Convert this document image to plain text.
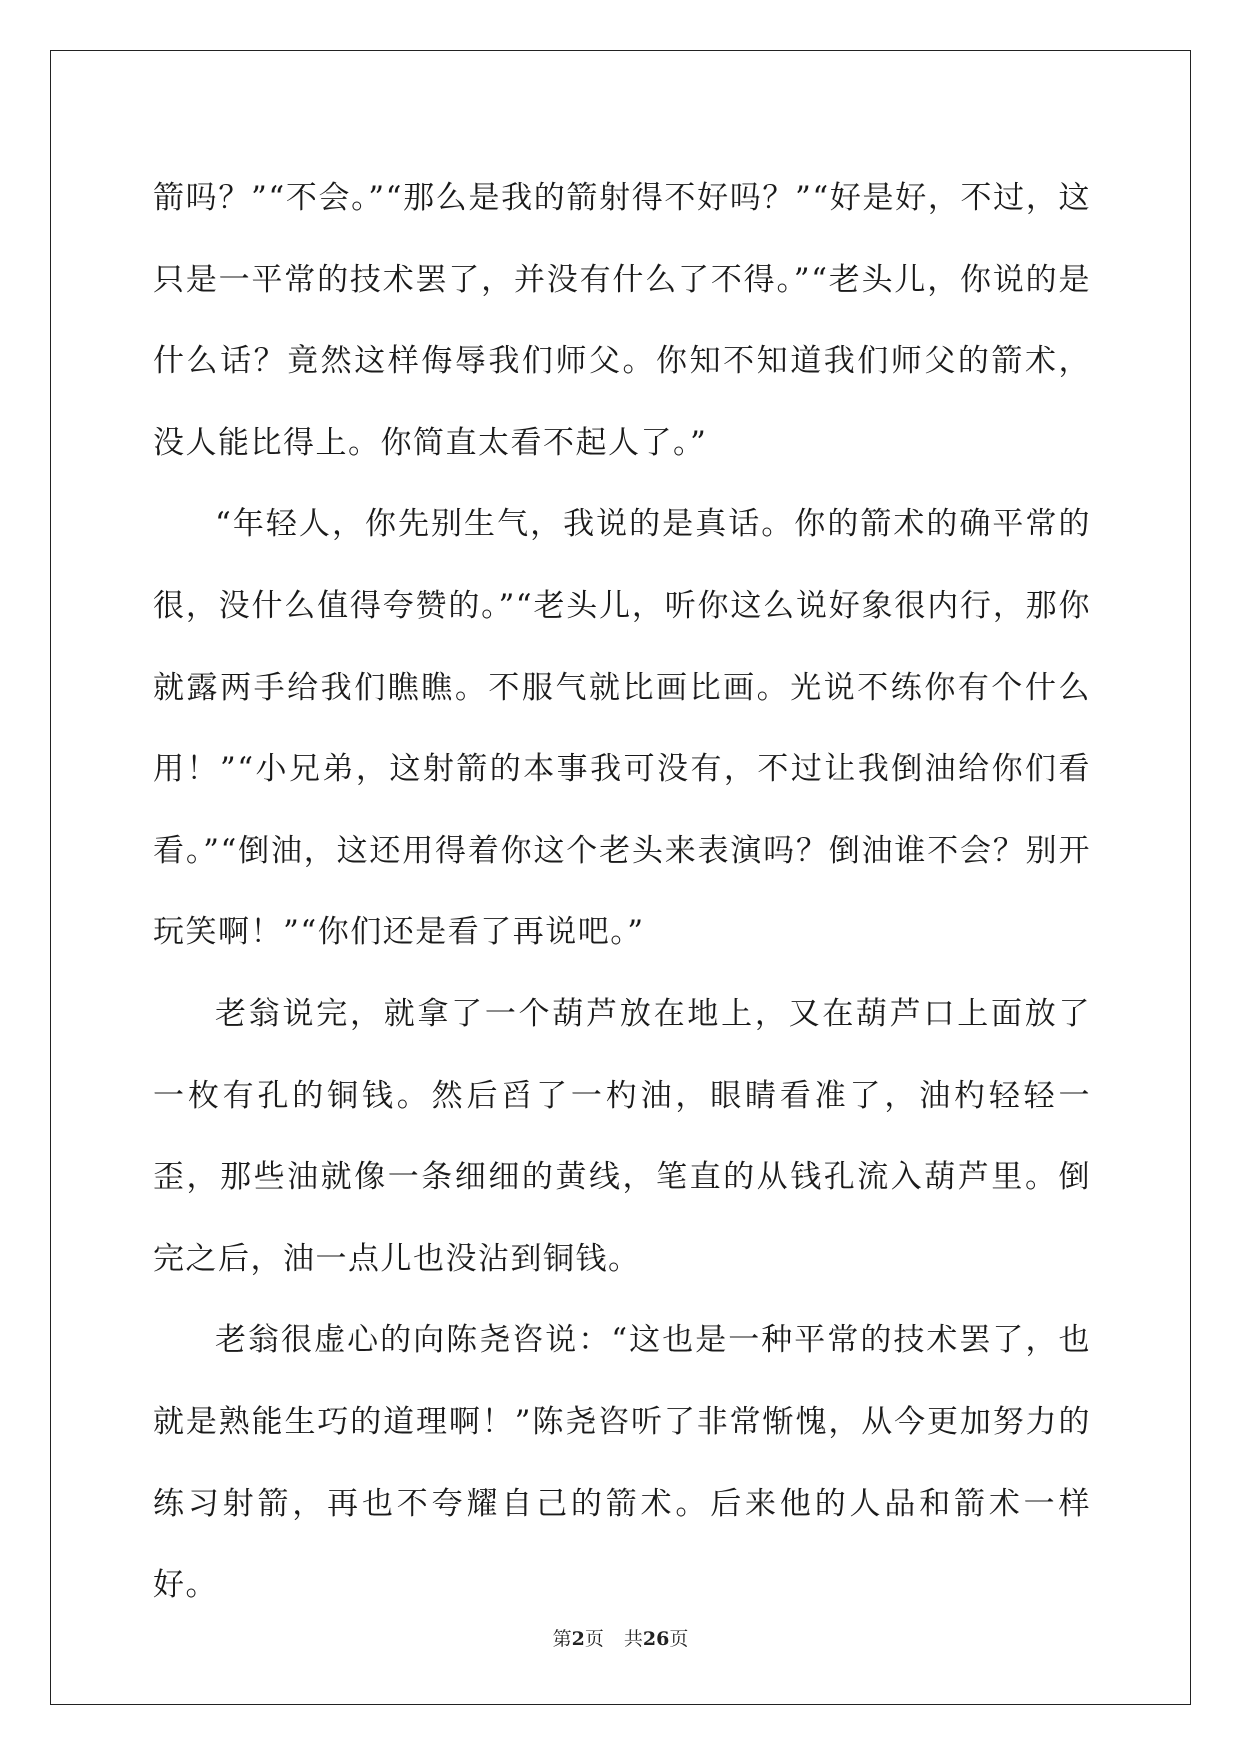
箭吗？”“不会。”“那么是我的箭射得不好吗？”“好是好，不过，这只是一平常的技术罢了，并没有什么了不得。”“老头儿，你说的是什么话？竟然这样侮辱我们师父。你知不知道我们师父的箭术，没人能比得上。你简直太看不起人了。”

“年轻人，你先别生气，我说的是真话。你的箭术的确平常的很，没什么值得夸赞的。”“老头儿，听你这么说好象很内行，那你就露两手给我们瞧瞧。不服气就比画比画。光说不练你有个什么用！”“小兄弟，这射箭的本事我可没有，不过让我倒油给你们看看。”“倒油，这还用得着你这个老头来表演吗？倒油谁不会？别开玩笑啊！”“你们还是看了再说吧。”

老翁说完，就拿了一个葫芦放在地上，又在葫芦口上面放了一枚有孔的铜钱。然后舀了一杓油，眼睛看准了，油杓轻轻一歪，那些油就像一条细细的黄线，笔直的从钱孔流入葫芦里。倒完之后，油一点儿也没沾到铜钱。

老翁很虚心的向陈尧咨说：“这也是一种平常的技术罢了，也就是熟能生巧的道理啊！”陈尧咨听了非常惭愧，从今更加努力的练习射箭，再也不夸耀自己的箭术。后来他的人品和箭术一样好。

第2页 共26页
